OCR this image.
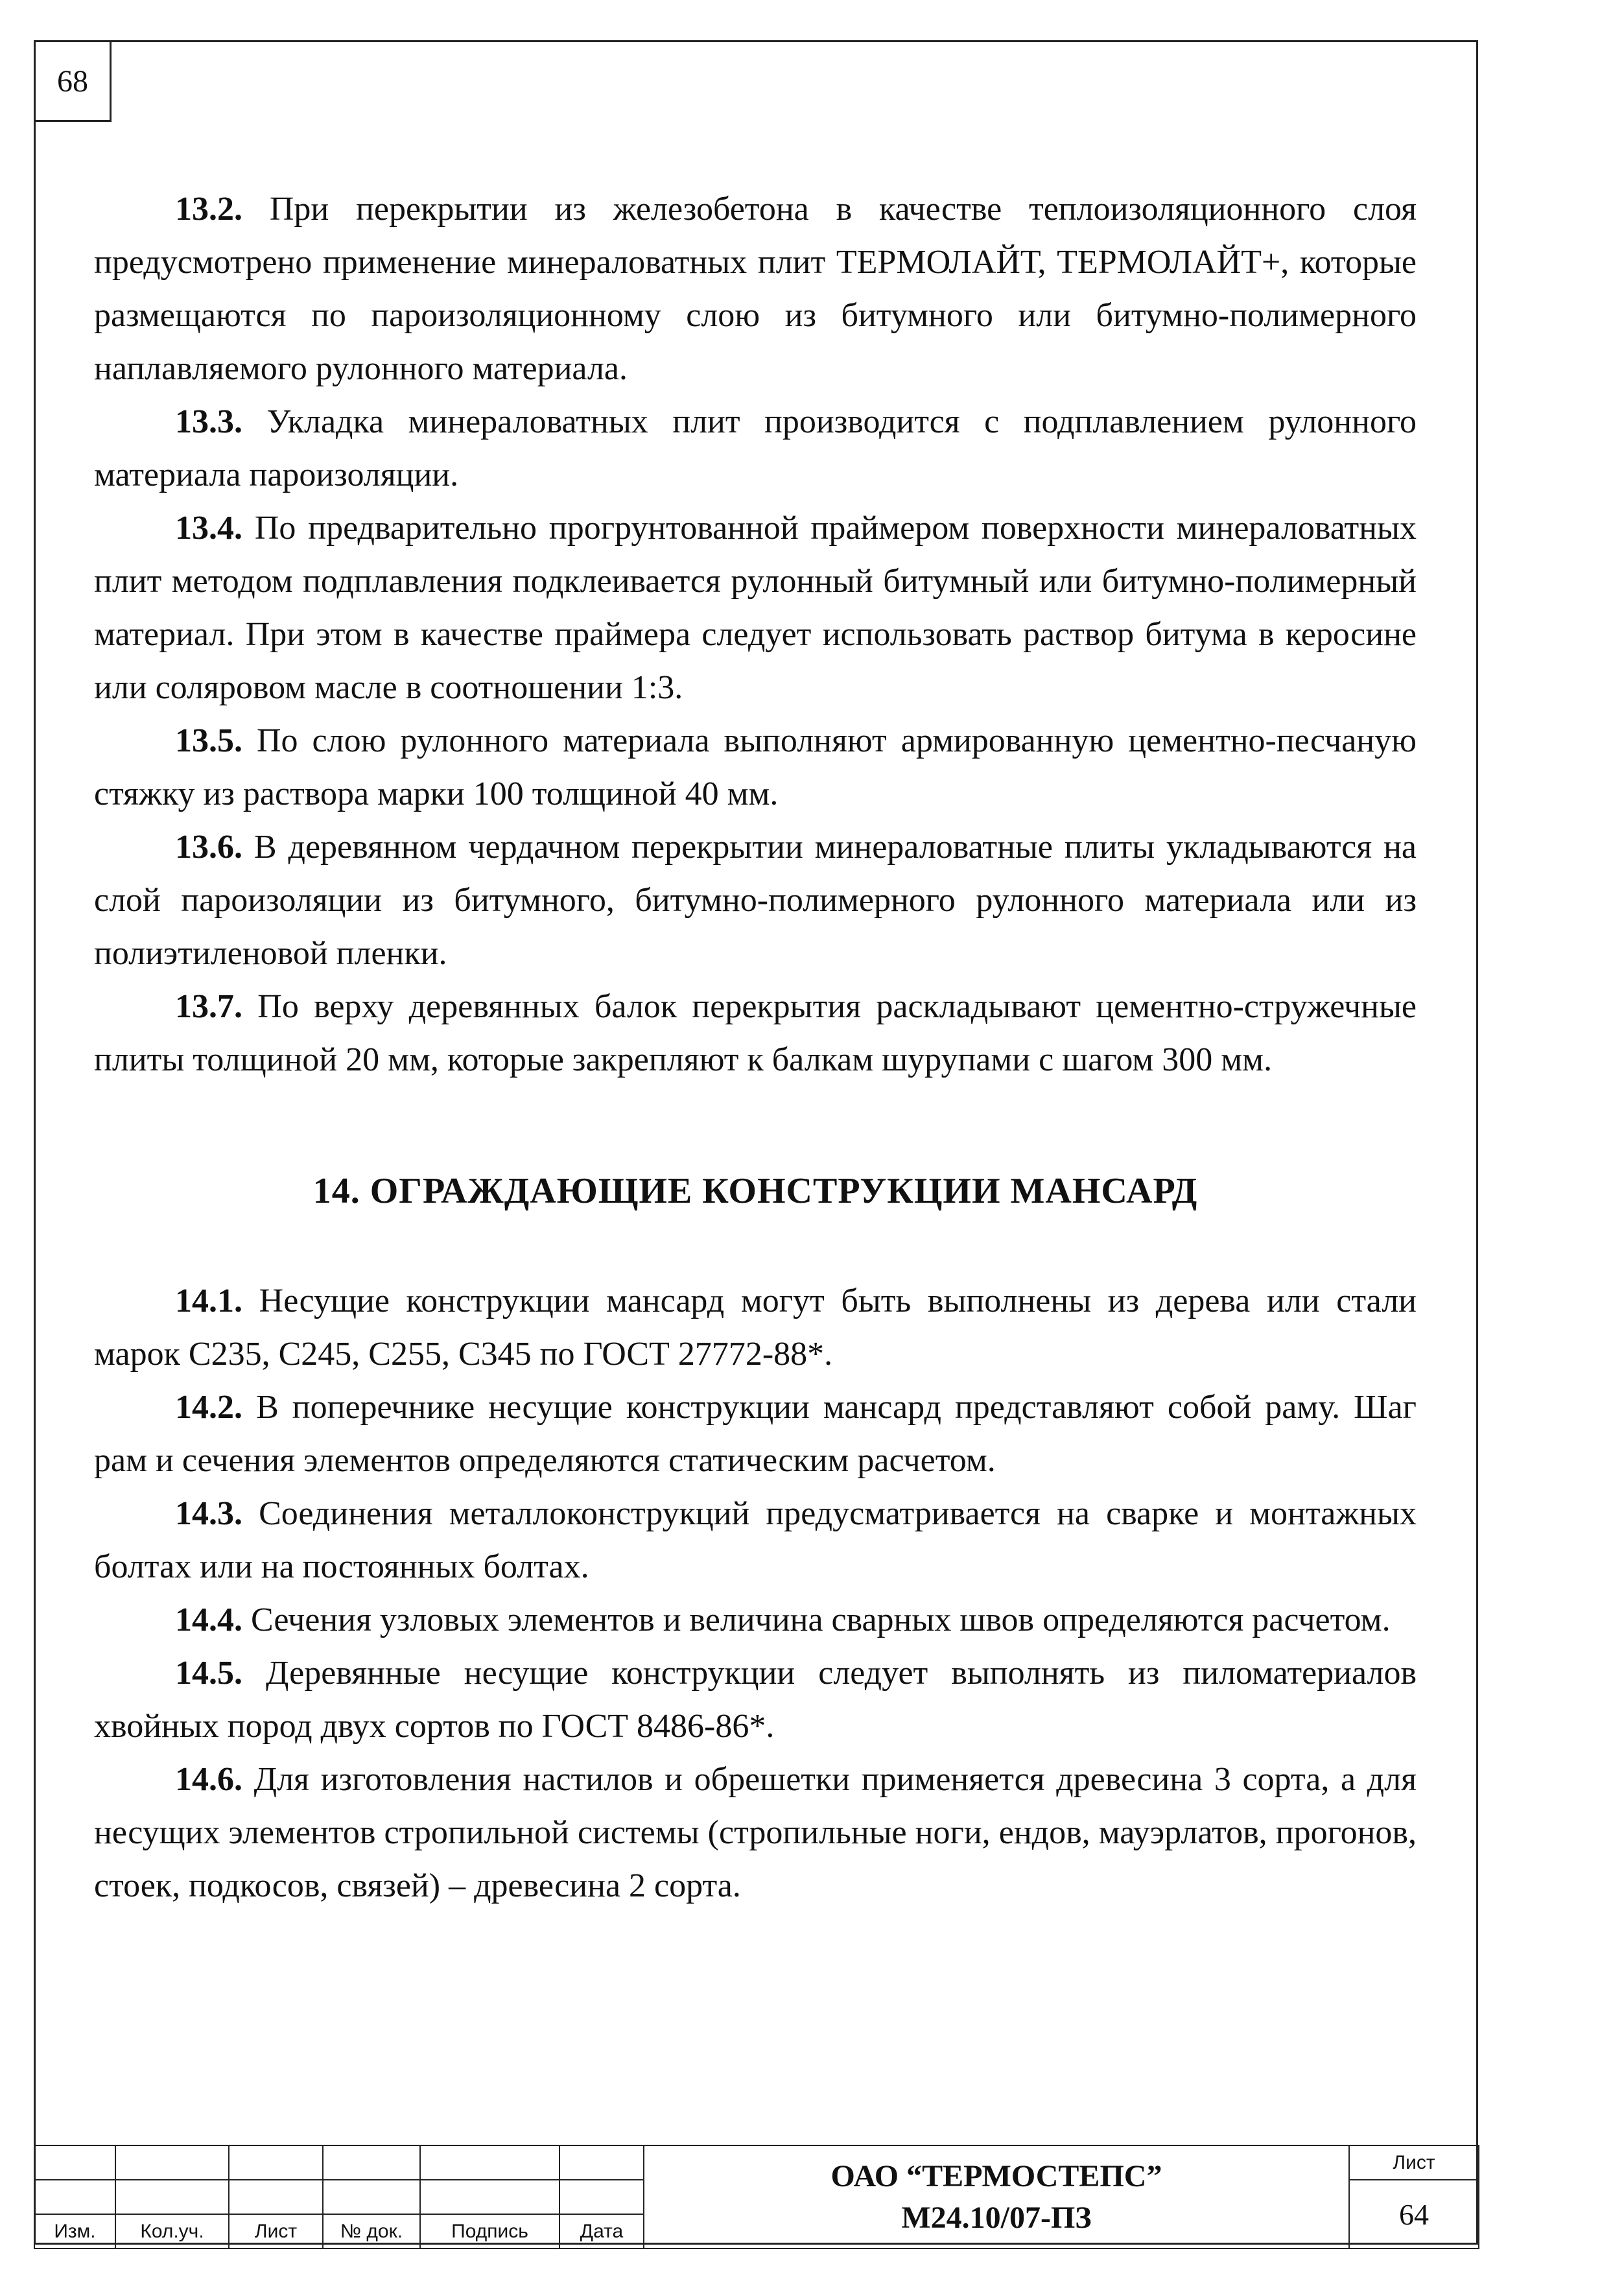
68

13.2. При перекрытии из железобетона в качестве теплоизоляционного слоя предусмотрено применение минераловатных плит ТЕРМОЛАЙТ, ТЕРМОЛАЙТ+, которые размещаются по пароизоляционному слою из битумного или битумно-полимерного наплавляемого рулонного материала.

13.3. Укладка минераловатных плит производится с подплавлением рулонного материала пароизоляции.

13.4. По предварительно прогрунтованной праймером поверхности минераловатных плит методом подплавления подклеивается рулонный битумный или битумно-полимерный материал. При этом в качестве праймера следует использовать раствор битума в керосине или соляровом масле в соотношении 1:3.

13.5. По слою рулонного материала выполняют армированную цементно-песчаную стяжку из раствора марки 100 толщиной 40 мм.

13.6. В деревянном чердачном перекрытии минераловатные плиты укладываются на слой пароизоляции из битумного, битумно-полимерного рулонного материала или из полиэтиленовой пленки.

13.7. По верху деревянных балок перекрытия раскладывают цементно-стружечные плиты толщиной 20 мм, которые закрепляют к балкам шурупами с шагом 300 мм.

14. ОГРАЖДАЮЩИЕ КОНСТРУКЦИИ МАНСАРД

14.1. Несущие конструкции мансард могут быть выполнены из дерева или стали марок С235, С245, С255, С345 по ГОСТ 27772-88*.

14.2. В поперечнике несущие конструкции мансард представляют собой раму. Шаг рам и сечения элементов определяются статическим расчетом.

14.3. Соединения металлоконструкций предусматривается на сварке и монтажных болтах или на постоянных болтах.

14.4. Сечения узловых элементов и величина сварных швов определяются расчетом.

14.5. Деревянные несущие конструкции следует выполнять из пиломатериалов хвойных пород двух сортов по ГОСТ 8486-86*.

14.6. Для изготовления настилов и обрешетки применяется древесина 3 сорта, а для несущих элементов стропильной системы (стропильные ноги, ендов, мауэрлатов, прогонов, стоек, подкосов, связей) – древесина 2 сорта.

						ОАО “ТЕРМОСТЕПС”
М24.10/07-ПЗ	Лист
							64
Изм.	Кол.уч.	Лист	№ док.	Подпись	Дата		
